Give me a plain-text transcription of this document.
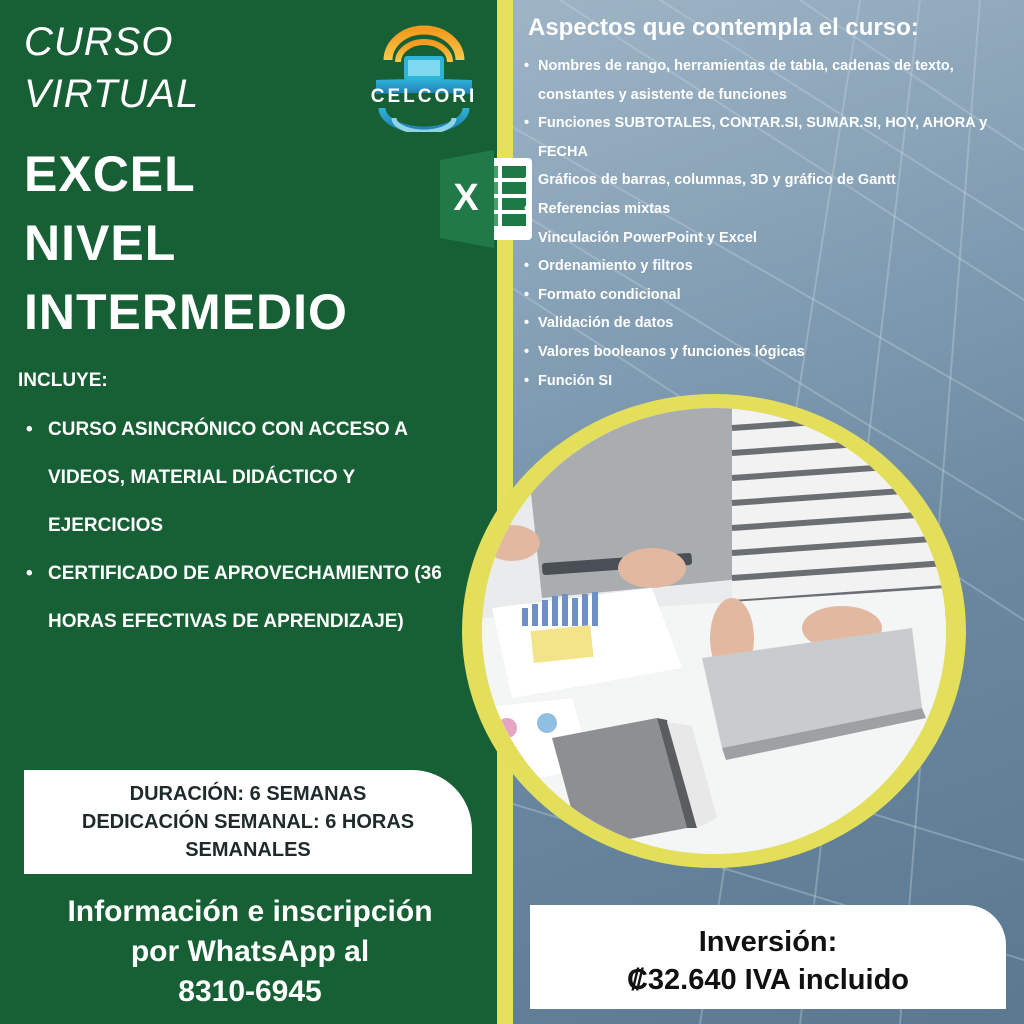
CURSO
VIRTUAL
EXCEL
NIVEL
INTERMEDIO
CELCORI
X
INCLUYE:
• CURSO ASINCRÓNICO CON ACCESO A VIDEOS, MATERIAL DIDÁCTICO Y EJERCICIOS
• CERTIFICADO DE APROVECHAMIENTO (36 HORAS EFECTIVAS DE APRENDIZAJE)
DURACIÓN: 6 SEMANAS
DEDICACIÓN SEMANAL: 6 HORAS
SEMANALES
Información e inscripción
por WhatsApp al
8310-6945
Aspectos que contempla el curso:
• Nombres de rango, herramientas de tabla, cadenas de texto, constantes y asistente de funciones
• Funciones SUBTOTALES, CONTAR.SI, SUMAR.SI, HOY, AHORA y FECHA
• Gráficos de barras, columnas, 3D y gráfico de Gantt
• Referencias mixtas
• Vinculación PowerPoint y Excel
• Ordenamiento y filtros
• Formato condicional
• Validación de datos
• Valores booleanos y funciones lógicas
• Función SI
Inversión:
₡32.640 IVA incluido
